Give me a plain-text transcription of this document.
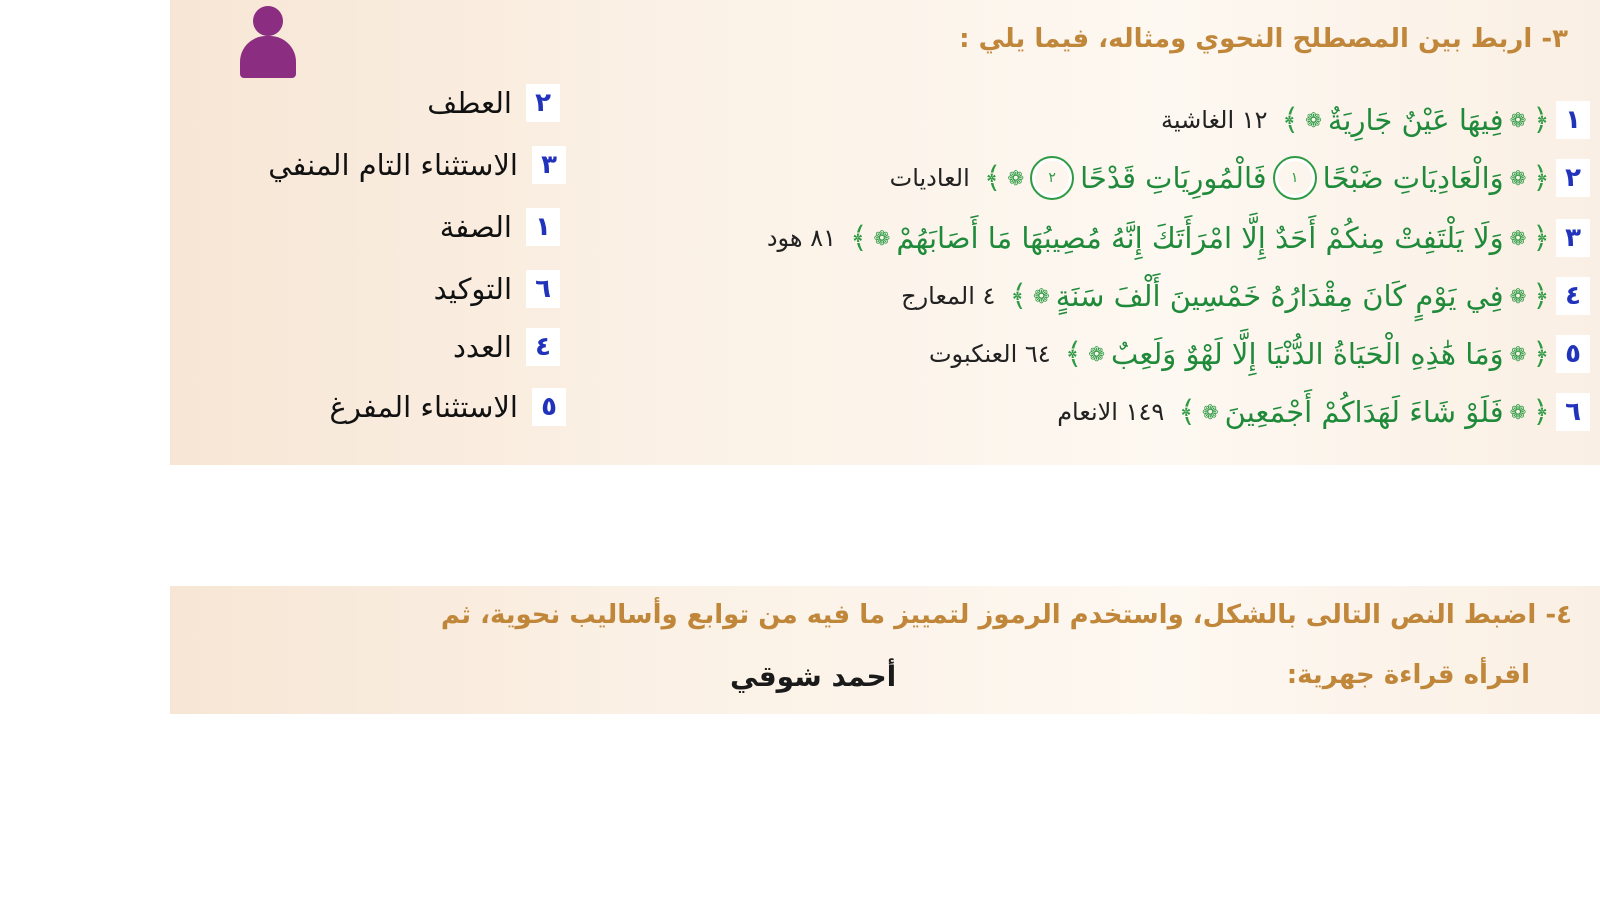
٣- اربط بين المصطلح النحوي ومثاله، فيما يلي :
١
﴿
❁
فِيهَا عَيْنٌ جَارِيَةٌ
❁
﴾
١٢ الغاشية
٢
﴿
❁
وَالْعَادِيَاتِ ضَبْحًا
١
فَالْمُورِيَاتِ قَدْحًا
٢
❁
﴾
العاديات
٣
﴿
❁
وَلَا يَلْتَفِتْ مِنكُمْ أَحَدٌ إِلَّا امْرَأَتَكَ إِنَّهُ مُصِيبُهَا مَا أَصَابَهُمْ
❁
﴾
٨١ هود
٤
﴿
❁
فِي يَوْمٍ كَانَ مِقْدَارُهُ خَمْسِينَ أَلْفَ سَنَةٍ
❁
﴾
٤ المعارج
٥
﴿
❁
وَمَا هَٰذِهِ الْحَيَاةُ الدُّنْيَا إِلَّا لَهْوٌ وَلَعِبٌ
❁
﴾
٦٤ العنكبوت
٦
﴿
❁
فَلَوْ شَاءَ لَهَدَاكُمْ أَجْمَعِينَ
❁
﴾
١٤٩ الانعام
٢
العطف
٣
الاستثناء التام المنفي
١
الصفة
٦
التوكيد
٤
العدد
٥
الاستثناء المفرغ
٤- اضبط النص التالى بالشكل، واستخدم الرموز لتمييز ما فيه من توابع وأساليب نحوية، ثم
اقرأه قراءة جهرية:
أحمد شوقي
